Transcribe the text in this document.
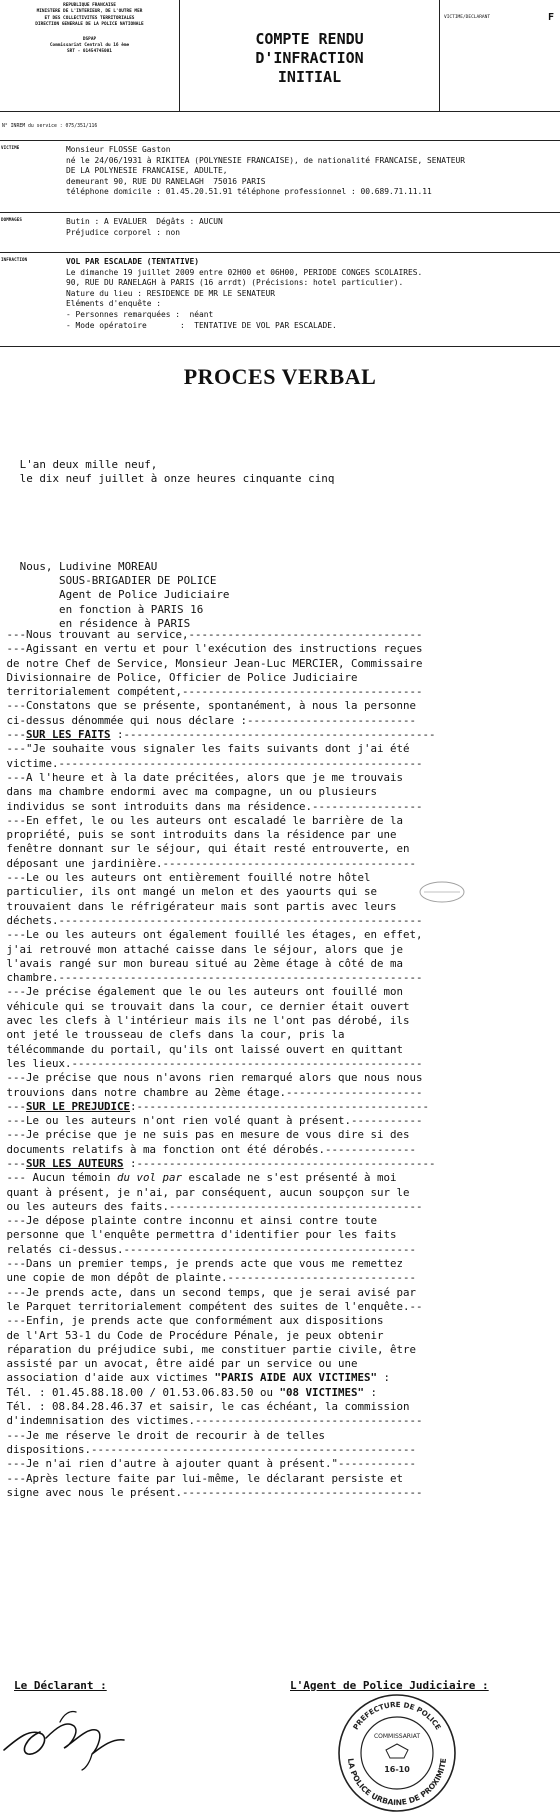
REPUBLIQUE FRANCAISE
MINISTERE DE L'INTERIEUR, DE L'OUTRE MER
ET DES COLLECTIVITES TERRITORIALES
DIRECTION GENERALE DE LA POLICE NATIONALE
DSPAP
Commissariat Central du 16 ème
SRT - 01454745001
COMPTE RENDU
D'INFRACTION
INITIAL
VICTIME/DECLARANT	F
N° INREM du service : 075/351/116
VICTIME	Monsieur FLOSSE Gaston
né le 24/06/1931 à RIKITEA (POLYNESIE FRANCAISE), de nationalité FRANCAISE, SENATEUR
DE LA POLYNESIE FRANCAISE, ADULTE,
demeurant 90, RUE DU RANELAGH  75016 PARIS
téléphone domicile : 01.45.20.51.91 téléphone professionnel : 00.689.71.11.11
DOMMAGES	Butin : A EVALUER  Dégâts : AUCUN
Préjudice corporel : non
INFRACTION	VOL PAR ESCALADE (TENTATIVE)
Le dimanche 19 juillet 2009 entre 02H00 et 06H00, PERIODE CONGES SCOLAIRES.
90, RUE DU RANELAGH à PARIS (16 arrdt) (Précisions: hotel particulier).
Nature du lieu : RESIDENCE DE MR LE SENATEUR
Eléments d'enquête :
- Personnes remarquées :  néant
- Mode opératoire       :  TENTATIVE DE VOL PAR ESCALADE.
PROCES VERBAL
L'an deux mille neuf,
le dix neuf juillet à onze heures cinquante cinq
Nous, Ludivine MOREAU
SOUS-BRIGADIER DE POLICE
Agent de Police Judiciaire
en fonction à PARIS 16
en résidence à PARIS
---Nous trouvant au service,------------------------------------
---Agissant en vertu et pour l'exécution des instructions reçues
de notre Chef de Service, Monsieur Jean-Luc MERCIER, Commissaire
Divisionnaire de Police, Officier de Police Judiciaire
territorialement compétent,-------------------------------------
---Constatons que se présente, spontanément, à nous la personne
ci-dessus dénommée qui nous déclare :--------------------------
---SUR LES FAITS :------------------------------------------------
---"Je souhaite vous signaler les faits suivants dont j'ai été
victime.--------------------------------------------------------
---A l'heure et à la date précitées, alors que je me trouvais
dans ma chambre endormi avec ma compagne, un ou plusieurs
individus se sont introduits dans ma résidence.-----------------
---En effet, le ou les auteurs ont escaladé le barrière de la
propriété, puis se sont introduits dans la résidence par une
fenêtre donnant sur le séjour, qui était resté entrouverte, en
déposant une jardinière.---------------------------------------
---Le ou les auteurs ont entièrement fouillé notre hôtel
particulier, ils ont mangé un melon et des yaourts qui se
trouvaient dans le réfrigérateur mais sont partis avec leurs
déchets.--------------------------------------------------------
---Le ou les auteurs ont également fouillé les étages, en effet,
j'ai retrouvé mon attaché caisse dans le séjour, alors que je
l'avais rangé sur mon bureau situé au 2ème étage à côté de ma
chambre.--------------------------------------------------------
---Je précise également que le ou les auteurs ont fouillé mon
véhicule qui se trouvait dans la cour, ce dernier était ouvert
avec les clefs à l'intérieur mais ils ne l'ont pas dérobé, ils
ont jeté le trousseau de clefs dans la cour, pris la
télécommande du portail, qu'ils ont laissé ouvert en quittant
les lieux.------------------------------------------------------
---Je précise que nous n'avons rien remarqué alors que nous nous
trouvions dans notre chambre au 2ème étage.---------------------
---SUR LE PREJUDICE:---------------------------------------------
---Le ou les auteurs n'ont rien volé quant à présent.-----------
---Je précise que je ne suis pas en mesure de vous dire si des
documents relatifs à ma fonction ont été dérobés.--------------
---SUR LES AUTEURS :----------------------------------------------
--- Aucun témoin du vol par escalade ne s'est présenté à moi
quant à présent, je n'ai, par conséquent, aucun soupçon sur le
ou les auteurs des faits.---------------------------------------
---Je dépose plainte contre inconnu et ainsi contre toute
personne que l'enquête permettra d'identifier pour les faits
relatés ci-dessus.---------------------------------------------
---Dans un premier temps, je prends acte que vous me remettez
une copie de mon dépôt de plainte.-----------------------------
---Je prends acte, dans un second temps, que je serai avisé par
le Parquet territorialement compétent des suites de l'enquête.--
---Enfin, je prends acte que conformément aux dispositions
de l'Art 53-1 du Code de Procédure Pénale, je peux obtenir
réparation du préjudice subi, me constituer partie civile, être
assisté par un avocat, être aidé par un service ou une
association d'aide aux victimes "PARIS AIDE AUX VICTIMES" :
Tél. : 01.45.88.18.00 / 01.53.06.83.50 ou "08 VICTIMES" :
Tél. : 08.84.28.46.37 et saisir, le cas échéant, la commission
d'indemnisation des victimes.-----------------------------------
---Je me réserve le droit de recourir à de telles
dispositions.--------------------------------------------------
---Je n'ai rien d'autre à ajouter quant à présent."------------
---Après lecture faite par lui-même, le déclarant persiste et
signe avec nous le présent.-------------------------------------
Le Déclarant :	L'Agent de Police Judiciaire :
PREFECTURE DE POLICE
LA POLICE URBAINE DE PROXIMITE
COMMISSARIAT
16-10
